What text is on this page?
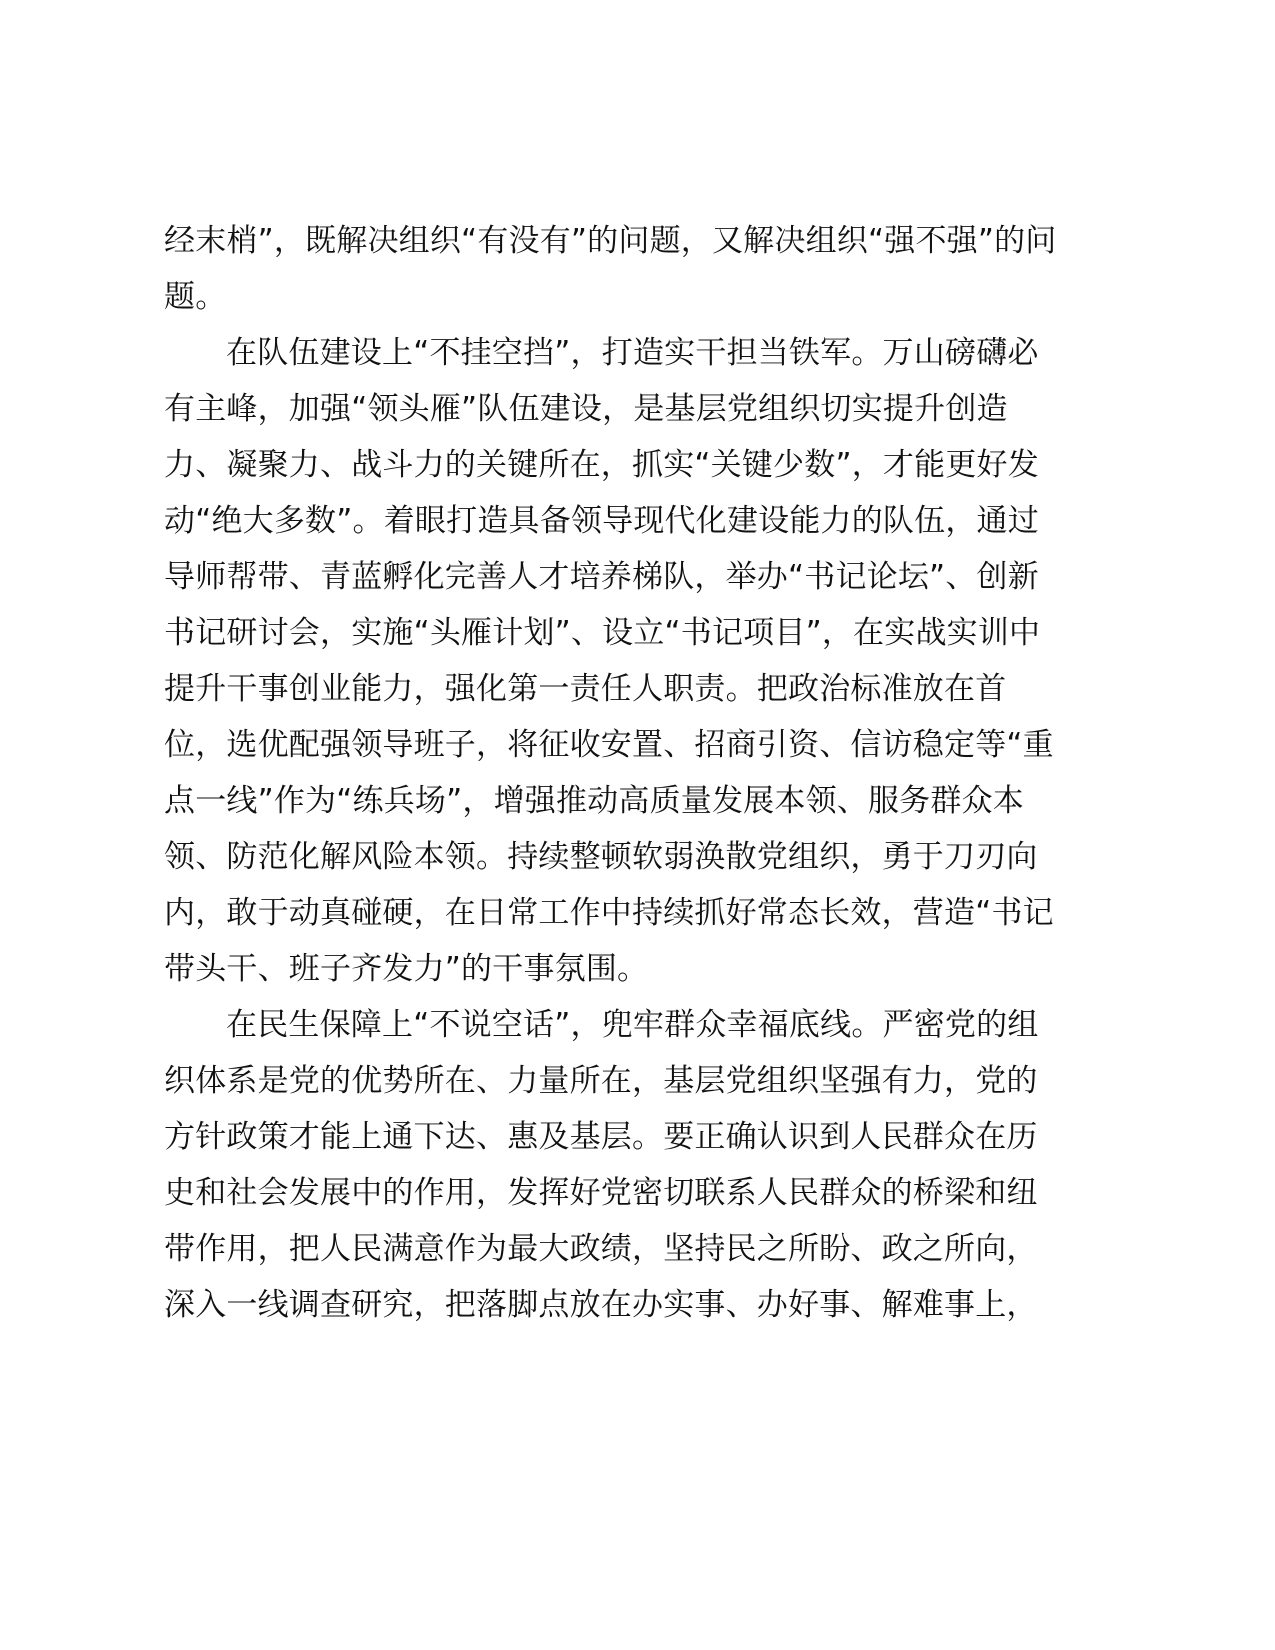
经末梢”，既解决组织“有没有”的问题，又解决组织“强不强”的问
题。
在队伍建设上“不挂空挡”，打造实干担当铁军。万山磅礴必
有主峰，加强“领头雁”队伍建设，是基层党组织切实提升创造
力、凝聚力、战斗力的关键所在，抓实“关键少数”，才能更好发
动“绝大多数”。着眼打造具备领导现代化建设能力的队伍，通过
导师帮带、青蓝孵化完善人才培养梯队，举办“书记论坛”、创新
书记研讨会，实施“头雁计划”、设立“书记项目”，在实战实训中
提升干事创业能力，强化第一责任人职责。把政治标准放在首
位，选优配强领导班子，将征收安置、招商引资、信访稳定等“重
点一线”作为“练兵场”，增强推动高质量发展本领、服务群众本
领、防范化解风险本领。持续整顿软弱涣散党组织，勇于刀刃向
内，敢于动真碰硬，在日常工作中持续抓好常态长效，营造“书记
带头干、班子齐发力”的干事氛围。
在民生保障上“不说空话”，兜牢群众幸福底线。严密党的组
织体系是党的优势所在、力量所在，基层党组织坚强有力，党的
方针政策才能上通下达、惠及基层。要正确认识到人民群众在历
史和社会发展中的作用，发挥好党密切联系人民群众的桥梁和纽
带作用，把人民满意作为最大政绩，坚持民之所盼、政之所向，
深入一线调查研究，把落脚点放在办实事、办好事、解难事上，
